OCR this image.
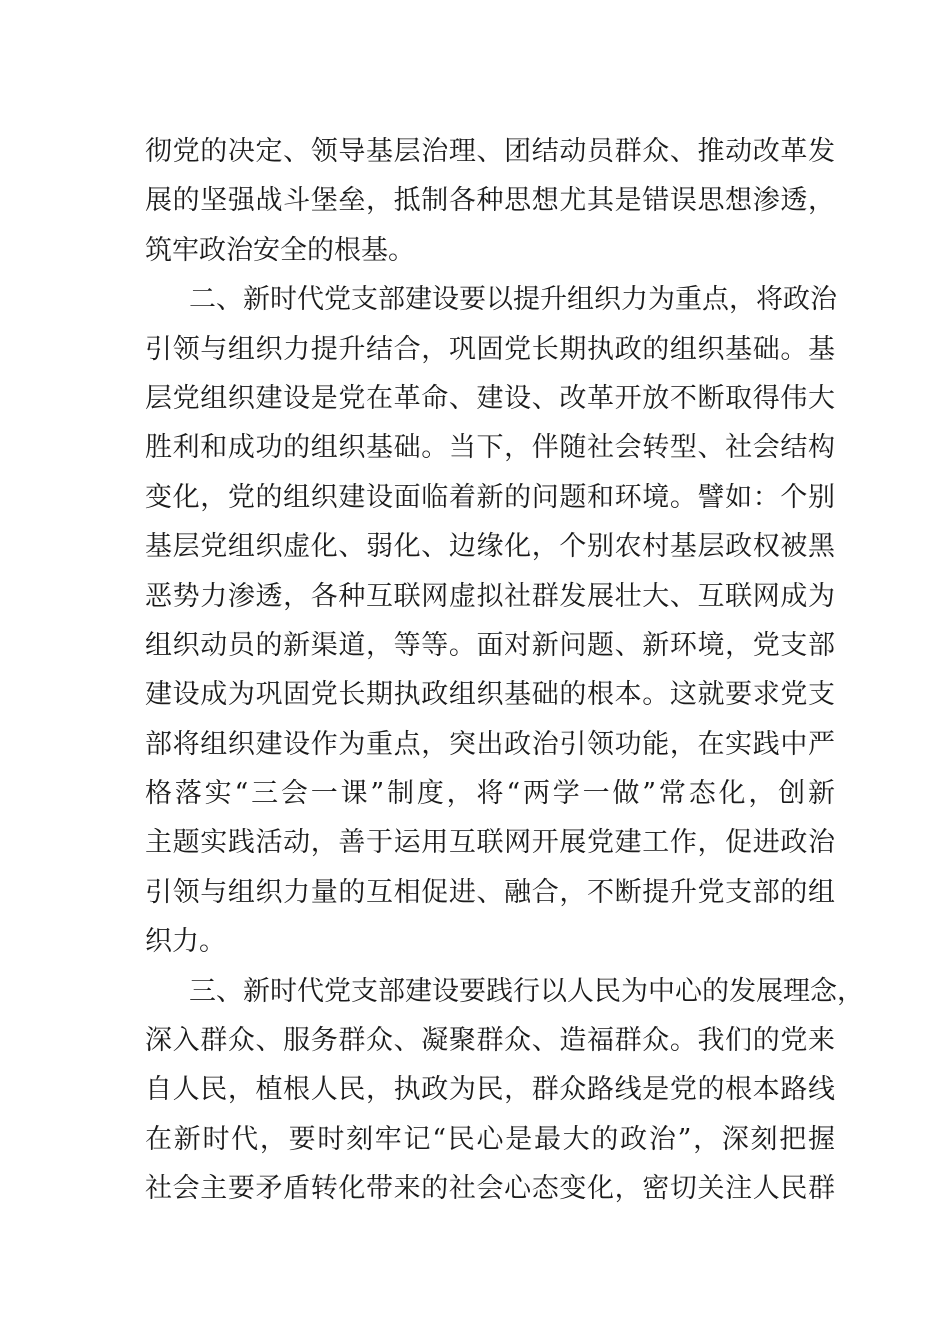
彻党的决定、领导基层治理、团结动员群众、推动改革发
展的坚强战斗堡垒，抵制各种思想尤其是错误思想渗透，
筑牢政治安全的根基。
二、新时代党支部建设要以提升组织力为重点，将政治
引领与组织力提升结合，巩固党长期执政的组织基础。基
层党组织建设是党在革命、建设、改革开放不断取得伟大
胜利和成功的组织基础。当下，伴随社会转型、社会结构
变化，党的组织建设面临着新的问题和环境。譬如：个别
基层党组织虚化、弱化、边缘化，个别农村基层政权被黑
恶势力渗透，各种互联网虚拟社群发展壮大、互联网成为
组织动员的新渠道，等等。面对新问题、新环境，党支部
建设成为巩固党长期执政组织基础的根本。这就要求党支
部将组织建设作为重点，突出政治引领功能，在实践中严
格落实“三会一课”制度，将“两学一做”常态化，创新
主题实践活动，善于运用互联网开展党建工作，促进政治
引领与组织力量的互相促进、融合，不断提升党支部的组
织力。
三、新时代党支部建设要践行以人民为中心的发展理念，
深入群众、服务群众、凝聚群众、造福群众。我们的党来
自人民，植根人民，执政为民，群众路线是党的根本路线
在新时代，要时刻牢记“民心是最大的政治”，深刻把握
社会主要矛盾转化带来的社会心态变化，密切关注人民群
